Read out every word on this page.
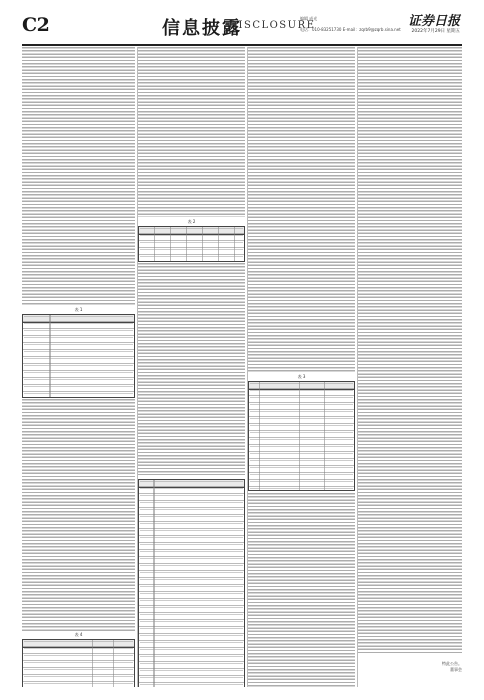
C2	信息披露
DISCLOSURE
编辑 成光
电话：010-83251730 E-mail：zqrb9@zqrb.sina.net
证券日报
2022年7月29日 星期五
表 1
表 4
表 2
表 3
特此公告。
董事会
